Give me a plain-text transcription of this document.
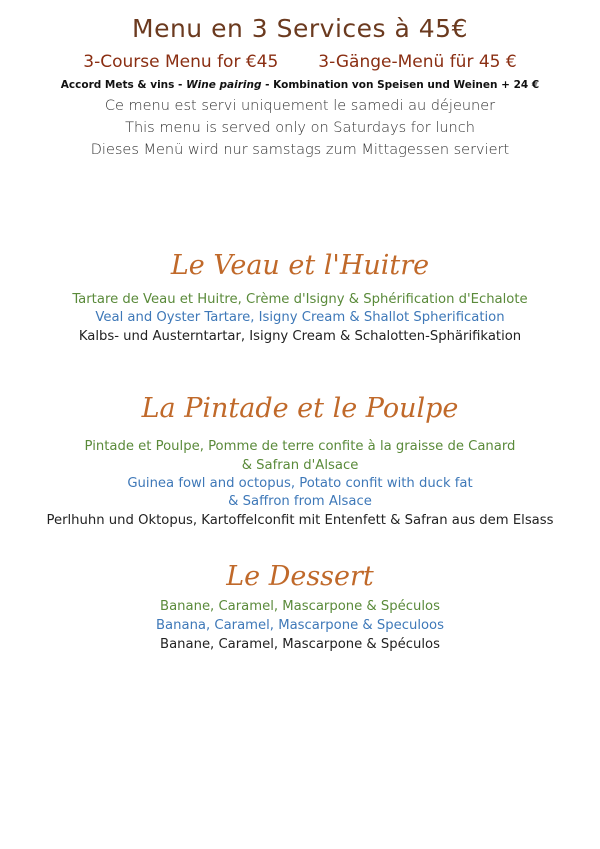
Menu en 3 Services à 45€
3-Course Menu for €45 3-Gänge-Menü für 45 €
Accord Mets & vins - Wine pairing - Kombination von Speisen und Weinen + 24 €
Ce menu est servi uniquement le samedi au déjeuner
This menu is served only on Saturdays for lunch
Dieses Menü wird nur samstags zum Mittagessen serviert
Le Veau et l'Huitre
Tartare de Veau et Huitre, Crème d'Isigny & Sphérification d'Echalote
Veal and Oyster Tartare, Isigny Cream & Shallot Spherification
Kalbs- und Austerntartar, Isigny Cream & Schalotten-Sphärifikation
La Pintade et le Poulpe
Pintade et Poulpe, Pomme de terre confite à la graisse de Canard
& Safran d'Alsace
Guinea fowl and octopus, Potato confit with duck fat
& Saffron from Alsace
Perlhuhn und Oktopus, Kartoffelconfit mit Entenfett & Safran aus dem Elsass
Le Dessert
Banane, Caramel, Mascarpone & Spéculos
Banana, Caramel, Mascarpone & Speculoos
Banane, Caramel, Mascarpone & Spéculos
